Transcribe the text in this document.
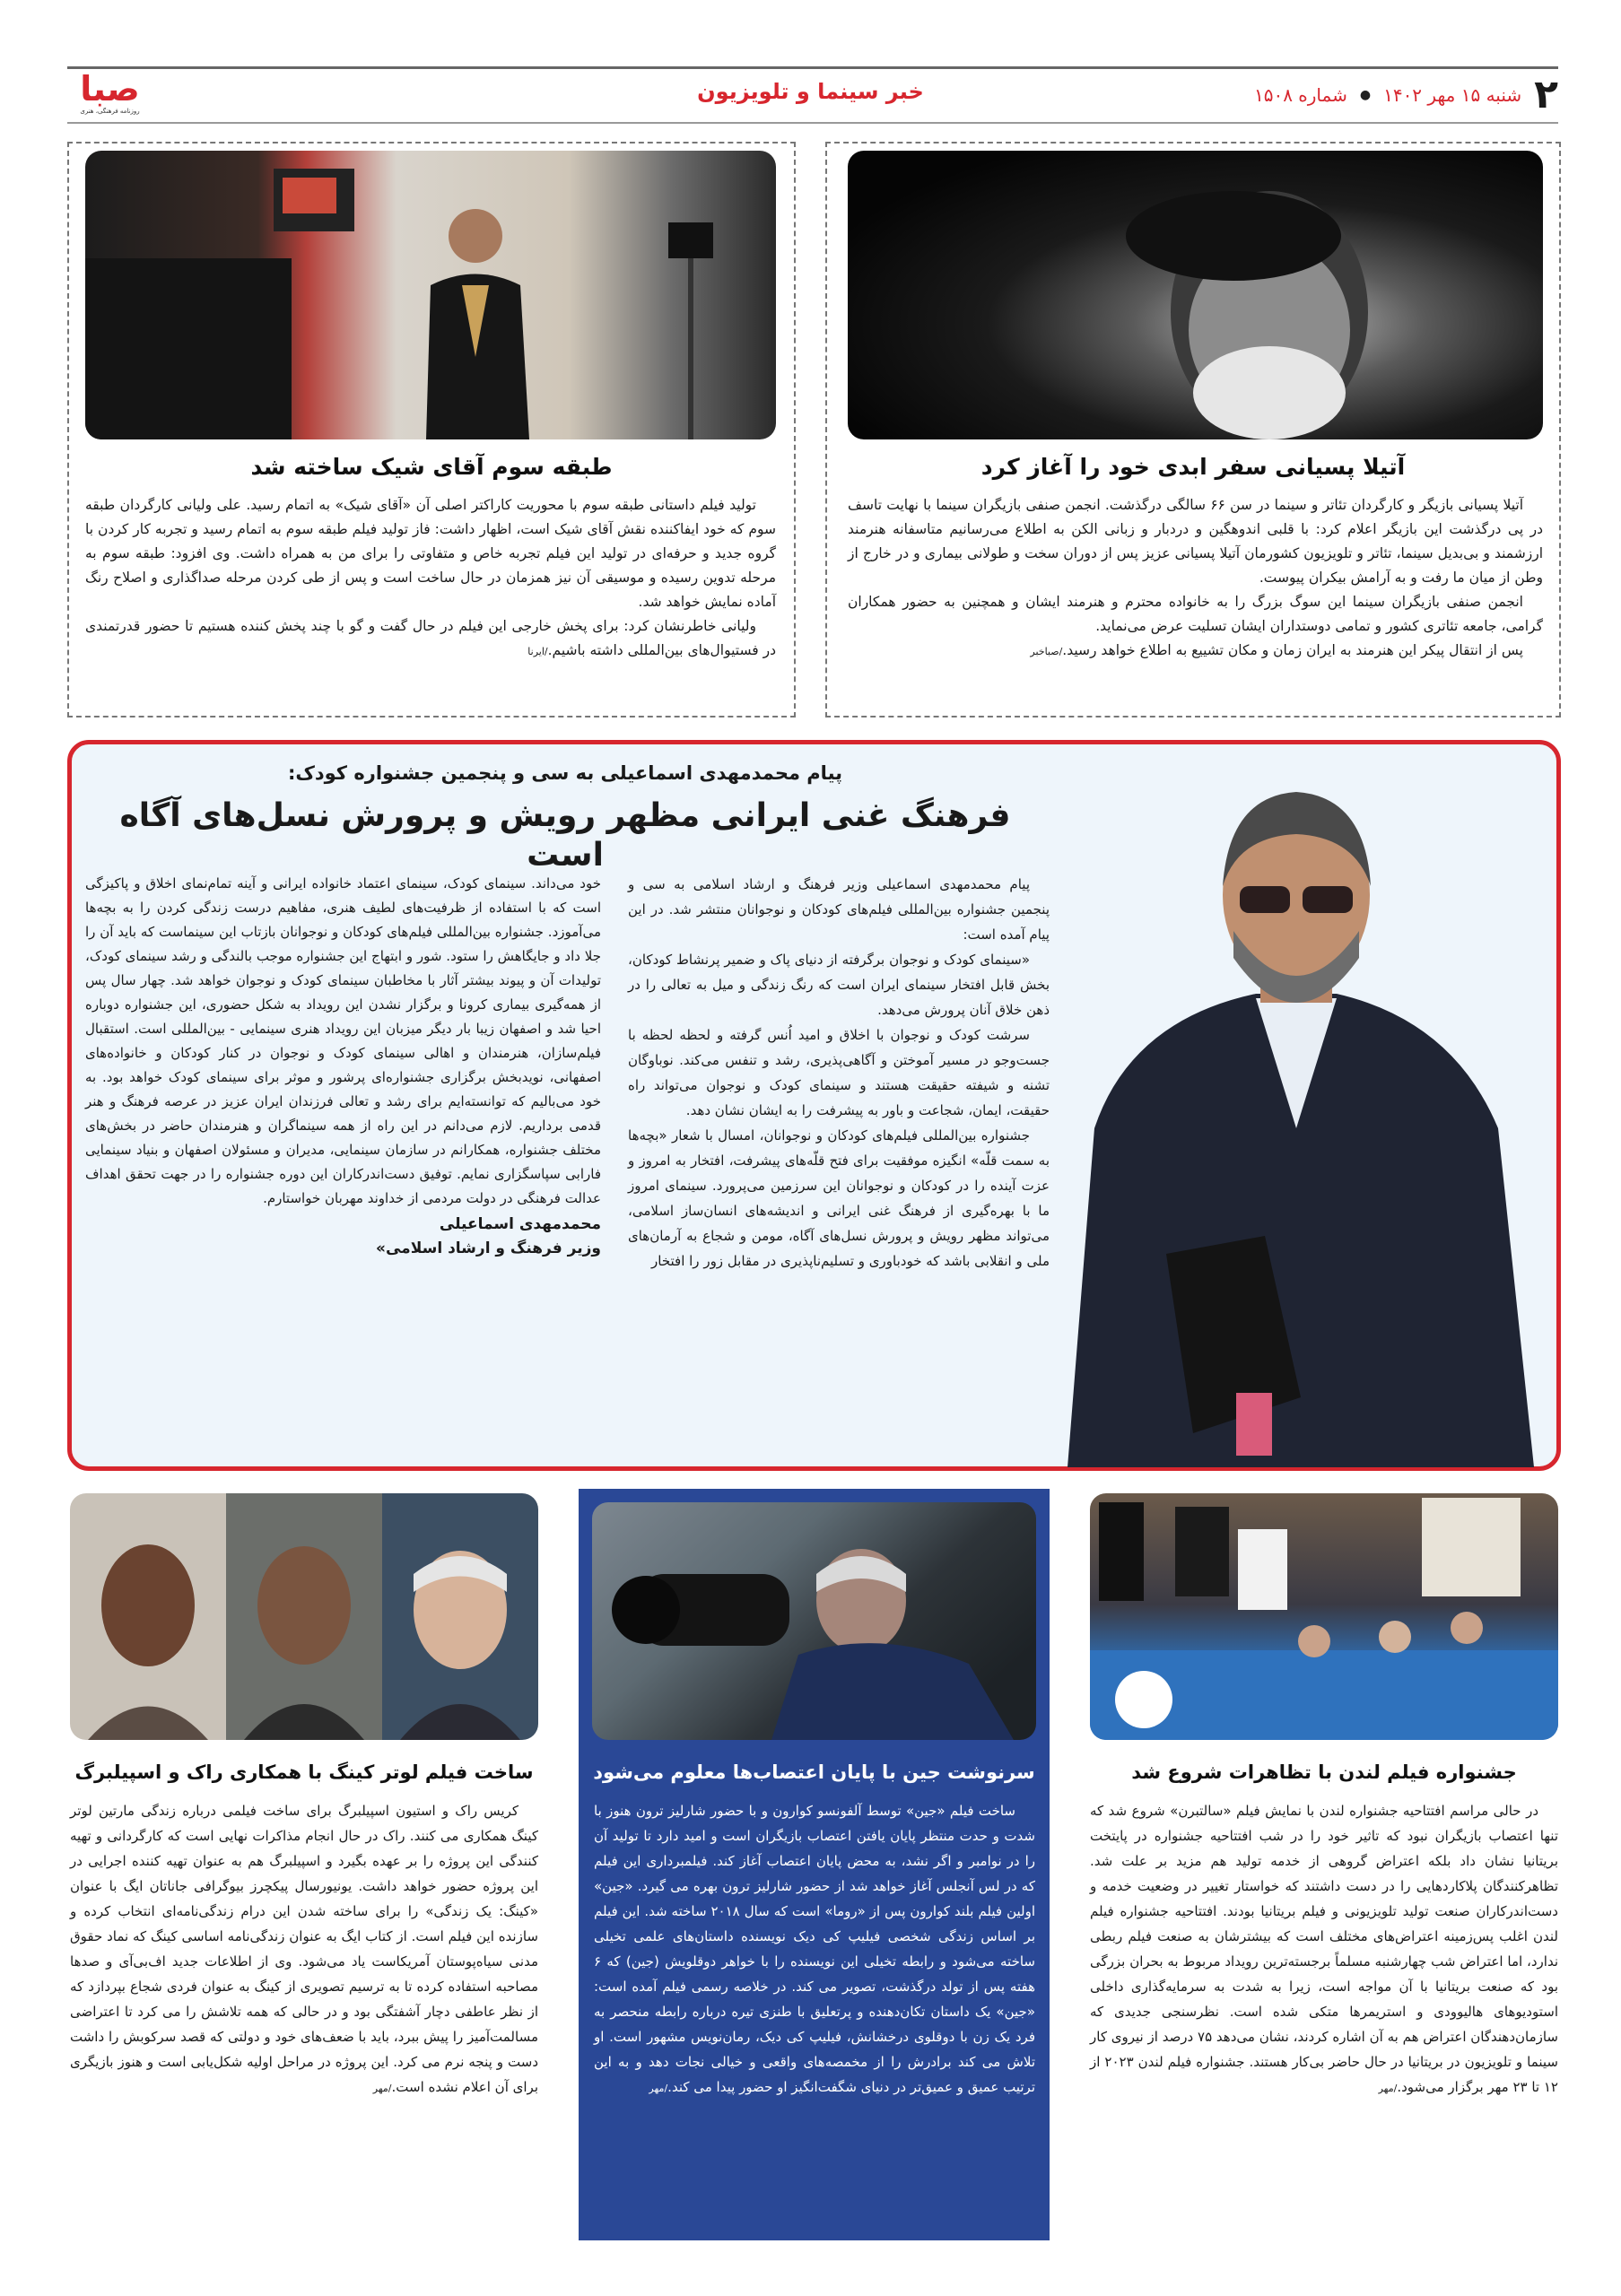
۲
شنبه ۱۵ مهر ۱۴۰۲
●
شماره ۱۵۰۸
خبر سینما و تلویزیون
صبا
روزنامه فرهنگی، هنری
آتیلا پسیانی سفر ابدی خود را آغاز کرد

آتیلا پسیانی بازیگر و کارگردان تئاتر و سینما در سن ۶۶ سالگی درگذشت. انجمن صنفی بازیگران سینما با نهایت تاسف در پی درگذشت این بازیگر اعلام کرد: با قلبی اندوهگین و دردبار و زبانی الکن به اطلاع می‌رسانیم متاسفانه هنرمند ارزشمند و بی‌بدیل سینما، تئاتر و تلویزیون کشورمان آتیلا پسیانی عزیز پس از دوران سخت و طولانی بیماری و در خارج از وطن از میان ما رفت و به آرامش بیکران پیوست.

انجمن صنفی بازیگران سینما این سوگ بزرگ را به خانواده محترم و هنرمند ایشان و همچنین به حضور همکاران گرامی، جامعه تئاتری کشور و تمامی دوستداران ایشان تسلیت عرض می‌نماید.

پس از انتقال پیکر این هنرمند به ایران زمان و مکان تشییع به اطلاع خواهد رسید./صباخبر

طبقه سوم آقای شیک ساخته شد

تولید فیلم داستانی طبقه سوم با محوریت کاراکتر اصلی آن «آقای شیک» به اتمام رسید. علی ولیانی کارگردان طبقه سوم که خود ایفاکننده نقش آقای شیک است، اظهار داشت: فاز تولید فیلم طبقه سوم به اتمام رسید و تجربه کار کردن با گروه جدید و حرفه‌ای در تولید این فیلم تجربه خاص و متفاوتی را برای من به همراه داشت. وی افزود: طبقه سوم به مرحله تدوین رسیده و موسیقی آن نیز همزمان در حال ساخت است و پس از طی کردن مرحله صداگذاری و اصلاح رنگ آماده نمایش خواهد شد.

ولیانی خاطرنشان کرد: برای پخش خارجی این فیلم در حال گفت و گو با چند پخش کننده هستیم تا حضور قدرتمندی در فستیوال‌های بین‌المللی داشته باشیم./ایرنا

پیام محمدمهدی اسماعیلی به سی و پنجمین جشنواره کودک:
فرهنگ غنی ایرانی مظهر رویش و پرورش نسل‌های آگاه است

پیام محمدمهدی اسماعیلی وزیر فرهنگ و ارشاد اسلامی به سی و پنجمین جشنواره بین‌المللی فیلم‌های کودکان و نوجوانان منتشر شد. در این پیام آمده است:

«سینمای کودک و نوجوان برگرفته از دنیای پاک و ضمیر پرنشاط کودکان، بخش قابل افتخار سینمای ایران است که رنگ زندگی و میل به تعالی را در ذهن خلاق آنان پرورش می‌دهد.

سرشت کودک و نوجوان با اخلاق و امید اُنس گرفته و لحظه لحظه با جست‌وجو در مسیر آموختن و آگاهی‌پذیری، رشد و تنفس می‌کند. نوباوگان تشنه و شیفته حقیقت هستند و سینمای کودک و نوجوان می‌تواند راه حقیقت، ایمان، شجاعت و باور به پیشرفت را به ایشان نشان دهد.

جشنواره بین‌المللی فیلم‌های کودکان و نوجوانان، امسال با شعار «بچه‌ها به سمت قلّه» انگیزه موفقیت برای فتح قلّه‌های پیشرفت، افتخار به امروز و عزت آینده را در کودکان و نوجوانان این سرزمین می‌پرورد. سینمای امروز ما با بهره‌گیری از فرهنگ غنی ایرانی و اندیشه‌های انسان‌ساز اسلامی، می‌تواند مظهر رویش و پرورش نسل‌های آگاه، مومن و شجاع به آرمان‌های ملی و انقلابی باشد که خودباوری و تسلیم‌ناپذیری در مقابل زور را افتخار

خود می‌داند. سینمای کودک، سینمای اعتماد خانواده ایرانی و آینه تمام‌نمای اخلاق و پاکیزگی است که با استفاده از ظرفیت‌های لطیف هنری، مفاهیم درست زندگی کردن را به بچه‌ها می‌آموزد. جشنواره بین‌المللی فیلم‌های کودکان و نوجوانان بازتاب این سینماست که باید آن را جلا داد و جایگاهش را ستود. شور و ابتهاج این جشنواره موجب بالندگی و رشد سینمای کودک، تولیدات آن و پیوند بیشتر آثار با مخاطبان سینمای کودک و نوجوان خواهد شد. چهار سال پس از همه‌گیری بیماری کرونا و برگزار نشدن این رویداد به شکل حضوری، این جشنواره دوباره احیا شد و اصفهان زیبا بار دیگر میزبان این رویداد هنری سینمایی - بین‌المللی است. استقبال فیلم‌سازان، هنرمندان و اهالی سینمای کودک و نوجوان در کنار کودکان و خانواده‌های اصفهانی، نویدبخش برگزاری جشنواره‌ای پرشور و موثر برای سینمای کودک خواهد بود. به خود می‌بالیم که توانسته‌ایم برای رشد و تعالی فرزندان ایران عزیز در عرصه فرهنگ و هنر قدمی برداریم. لازم می‌دانم در این راه از همه سینماگران و هنرمندان حاضر در بخش‌های مختلف جشنواره، همکارانم در سازمان سینمایی، مدیران و مسئولان اصفهان و بنیاد سینمایی فارابی سپاسگزاری نمایم. توفیق دست‌اندرکاران این دوره جشنواره را در جهت تحقق اهداف عدالت فرهنگی در دولت مردمی از خداوند مهربان خواستارم.

محمدمهدی اسماعیلی
وزیر فرهنگ و ارشاد اسلامی»
جشنواره فیلم لندن با تظاهرات شروع شد

در حالی مراسم افتتاحیه جشنواره لندن با نمایش فیلم «سالتبرن» شروع شد که تنها اعتصاب بازیگران نبود که تاثیر خود را در شب افتتاحیه جشنواره در پایتخت بریتانیا نشان داد بلکه اعتراض گروهی از خدمه تولید هم مزید بر علت شد. تظاهرکنندگان پلاکاردهایی را در دست داشتند که خواستار تغییر در وضعیت خدمه و دست‌اندرکاران صنعت تولید تلویزیونی و فیلم بریتانیا بودند. افتتاحیه جشنواره فیلم لندن اغلب پس‌زمینه اعتراض‌های مختلف است که بیشترشان به صنعت فیلم ربطی ندارد، اما اعتراض شب چهارشنبه مسلماً برجسته‌ترین رویداد مربوط به بحران بزرگی بود که صنعت بریتانیا با آن مواجه است، زیرا به شدت به سرمایه‌گذاری داخلی استودیوهای هالیوودی و استریمرها متکی شده است. نظرسنجی جدیدی که سازمان‌دهندگان اعتراض هم به آن اشاره کردند، نشان می‌دهد ۷۵ درصد از نیروی کار سینما و تلویزیون در بریتانیا در حال حاضر بی‌کار هستند. جشنواره فیلم لندن ۲۰۲۳ از ۱۲ تا ۲۳ مهر برگزار می‌شود./مهر

سرنوشت جین با پایان اعتصاب‌ها معلوم می‌شود

ساخت فیلم «جین» توسط آلفونسو کوارون و با حضور شارلیز ترون هنوز با شدت و حدت منتظر پایان یافتن اعتصاب بازیگران است و امید دارد تا تولید آن را در نوامبر و اگر نشد، به محض پایان اعتصاب آغاز کند. فیلمبرداری این فیلم که در لس آنجلس آغاز خواهد شد از حضور شارلیز ترون بهره می گیرد. «جین» اولین فیلم بلند کوارون پس از «روما» است که سال ۲۰۱۸ ساخته شد. این فیلم بر اساس زندگی شخصی فیلیپ کی دیک نویسنده داستان‌های علمی تخیلی ساخته می‌شود و رابطه تخیلی این نویسنده را با خواهر دوقلویش (جین) که ۶ هفته پس از تولد درگذشت، تصویر می کند. در خلاصه رسمی فیلم آمده است: «جین» یک داستان تکان‌دهنده و پرتعلیق با طنزی تیره درباره رابطه منحصر به فرد یک زن با دوقلوی درخشانش، فیلیپ کی دیک، رمان‌نویس مشهور است. او تلاش می کند برادرش را از مخمصه‌های واقعی و خیالی نجات دهد و به این ترتیب عمیق و عمیق‌تر در دنیای شگفت‌انگیز او حضور پیدا می کند./مهر

ساخت فیلم لوتر کینگ با همکاری راک و اسپیلبرگ

کریس راک و استیون اسپیلبرگ برای ساخت فیلمی درباره زندگی مارتین لوتر کینگ همکاری می کنند. راک در حال انجام مذاکرات نهایی است که کارگردانی و تهیه کنندگی این پروژه را بر عهده بگیرد و اسپیلبرگ هم به عنوان تهیه کننده اجرایی در این پروژه حضور خواهد داشت. یونیورسال پیکچرز بیوگرافی جاناتان ایگ با عنوان «کینگ: یک زندگی» را برای ساخته شدن این درام زندگی‌نامه‌ای انتخاب کرده و سازنده این فیلم است. از کتاب ایگ به عنوان زندگی‌نامه اساسی کینگ که نماد حقوق مدنی سیاه‌پوستان آمریکاست یاد می‌شود. وی از اطلاعات جدید اف‌بی‌آی و صدها مصاحبه استفاده کرده تا به ترسیم تصویری از کینگ به عنوان فردی شجاع بپردازد که از نظر عاطفی دچار آشفتگی بود و در حالی که همه تلاشش را می کرد تا اعتراضی مسالمت‌آمیز را پیش ببرد، باید با ضعف‌های خود و دولتی که قصد سرکوبش را داشت دست و پنجه نرم می کرد. این پروژه در مراحل اولیه شکل‌یابی است و هنوز بازیگری برای آن اعلام نشده است./مهر
